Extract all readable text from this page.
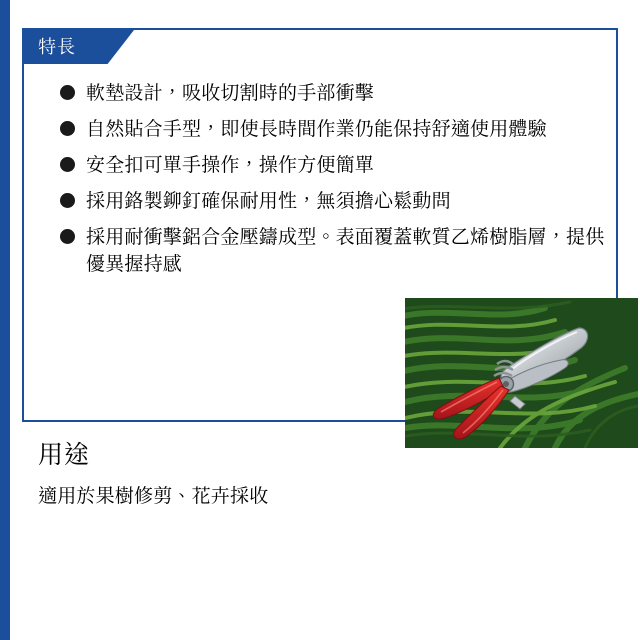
特長
軟墊設計，吸收切割時的手部衝擊
自然貼合手型，即使長時間作業仍能保持舒適使用體驗
安全扣可單手操作，操作方便簡單
採用鉻製鉚釘確保耐用性，無須擔心鬆動問
採用耐衝擊鋁合金壓鑄成型。表面覆蓋軟質乙烯樹脂層，提供優異握持感
用途
適用於果樹修剪、花卉採收
